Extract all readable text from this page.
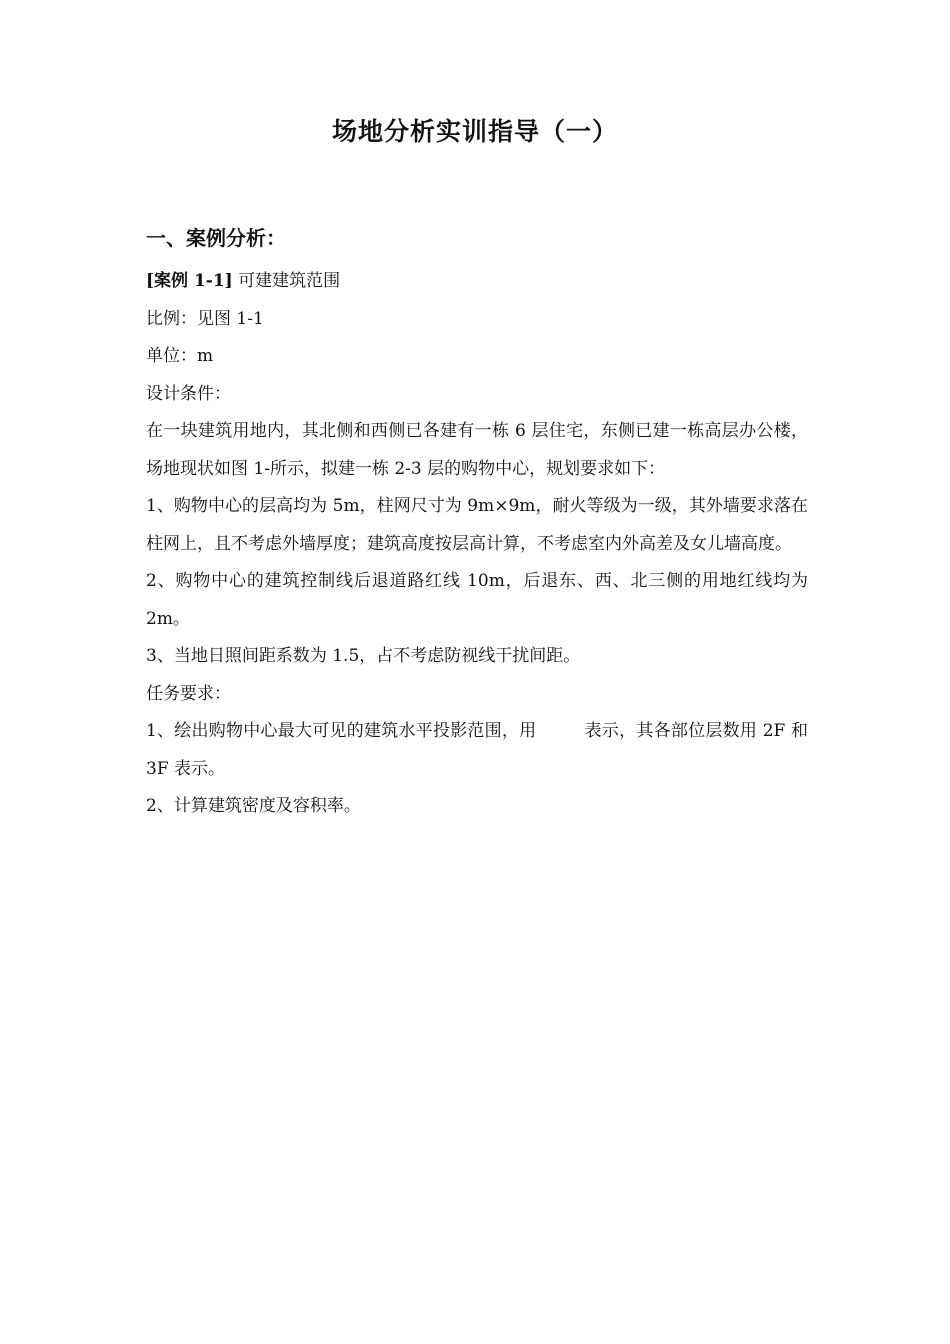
场地分析实训指导（一）
一、案例分析：

[案例 1-1] 可建建筑范围

比例：见图 1-1

单位：m

设计条件：

在一块建筑用地内，其北侧和西侧已各建有一栋 6 层住宅，东侧已建一栋高层办公楼，场地现状如图 1-所示，拟建一栋 2-3 层的购物中心，规划要求如下：

1、购物中心的层高均为 5m，柱网尺寸为 9m×9m，耐火等级为一级，其外墙要求落在柱网上，且不考虑外墙厚度；建筑高度按层高计算，不考虑室内外高差及女儿墙高度。

2、购物中心的建筑控制线后退道路红线 10m，后退东、西、北三侧的用地红线均为 2m。

3、当地日照间距系数为 1.5，占不考虑防视线干扰间距。

任务要求：

1、绘出购物中心最大可见的建筑水平投影范围，用	表示，其各部位层数用 2F 和 3F 表示。

2、计算建筑密度及容积率。
